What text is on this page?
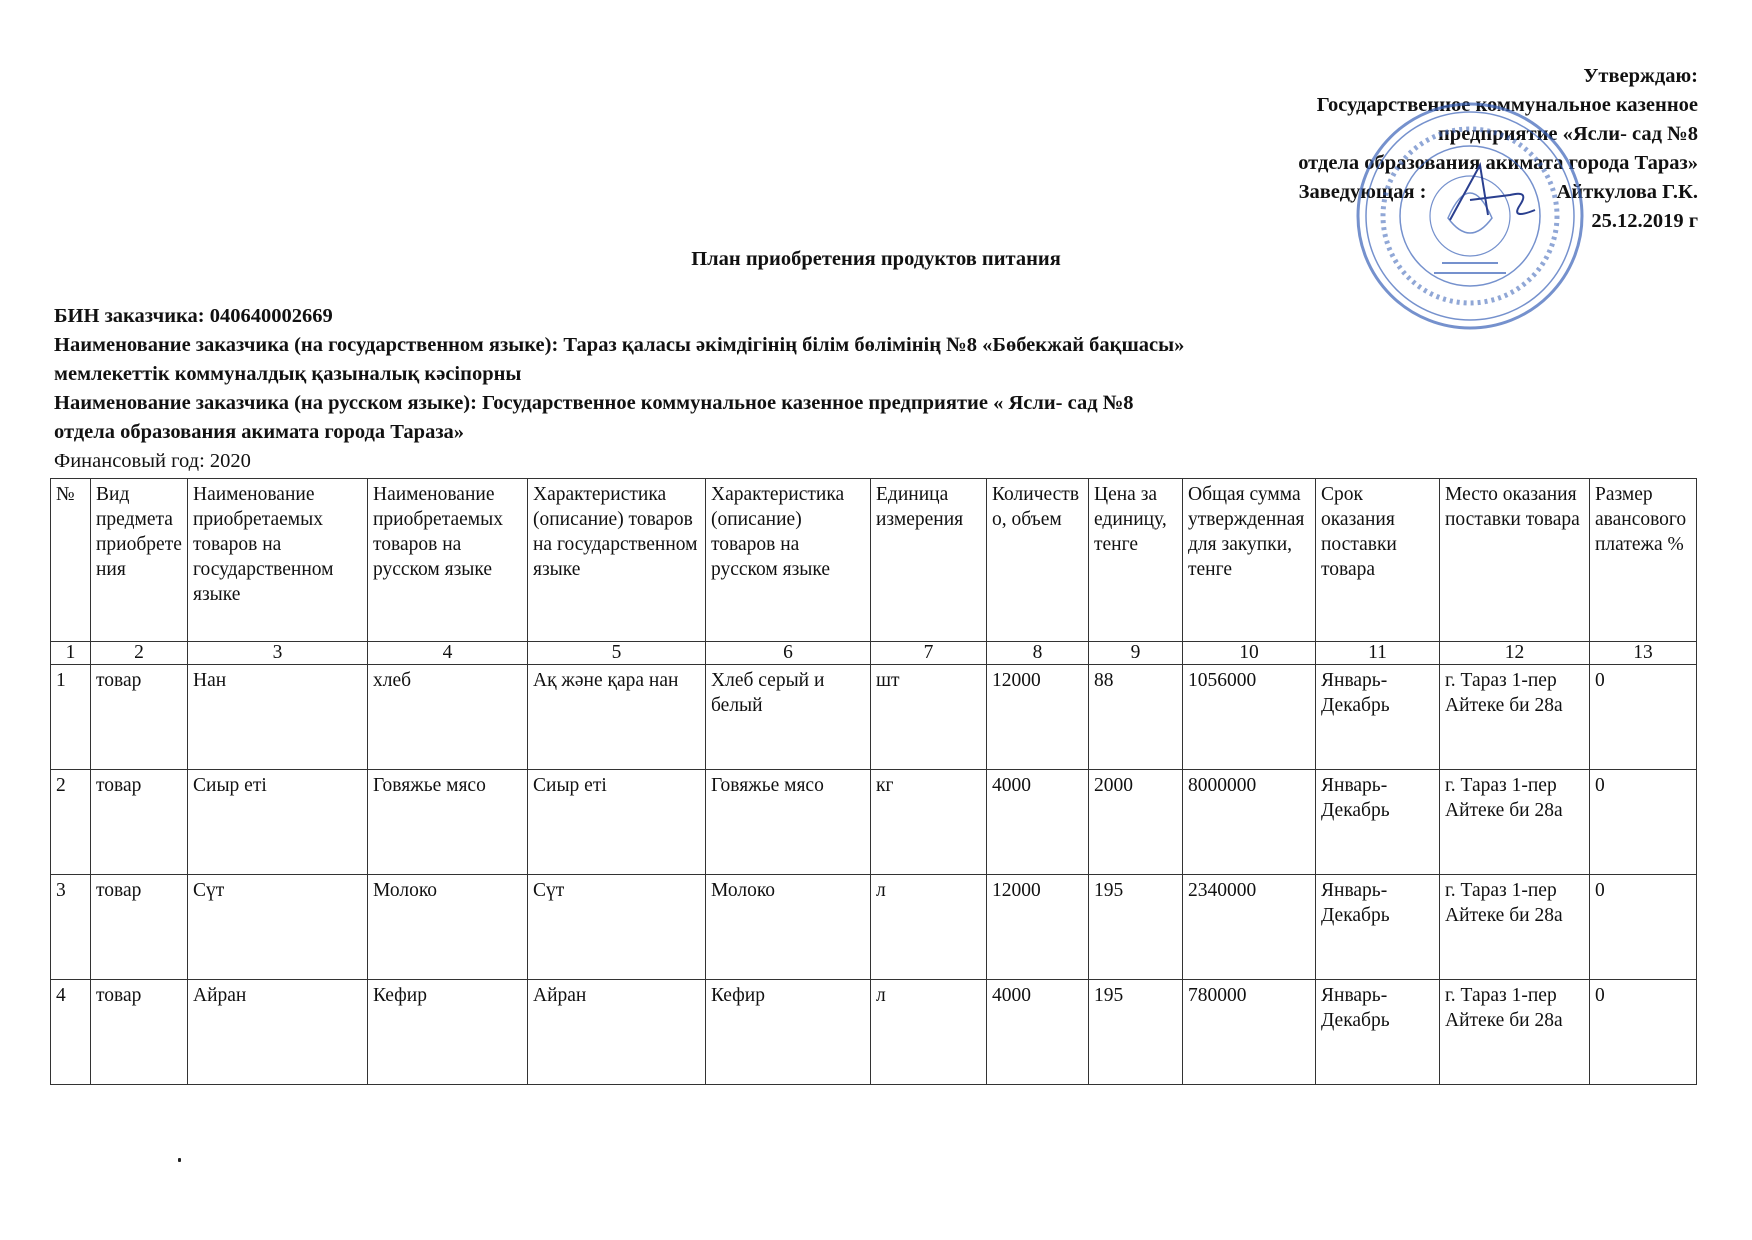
Утверждаю:
Государственное коммунальное казенное
предприятие «Ясли- сад №8
отдела образования акимата города Тараз»
Заведующая :	Айткулова Г.К.
25.12.2019 г
План приобретения продуктов питания
БИН заказчика: 040640002669
Наименование заказчика (на государственном языке): Тараз қаласы әкімдігінің білім бөлімінің №8 «Бөбекжай бақшасы»
мемлекеттік коммуналдық қазыналық кәсіпорны
Наименование заказчика (на русском языке): Государственное коммунальное казенное предприятие « Ясли- сад №8
отдела образования акимата города Тараза»
Финансовый год: 2020
№	Вид предмета приобретения	Наименование приобретаемых товаров на государственном языке	Наименование приобретаемых товаров на русском языке	Характеристика (описание) товаров на государственном языке	Характеристика (описание) товаров на русском языке	Единица измерения	Количество, объем	Цена за единицу, тенге	Общая сумма утвержденная для закупки, тенге	Срок оказания поставки товара	Место оказания поставки товара	Размер авансового платежа %
1	2	3	4	5	6	7	8	9	10	11	12	13
1	товар	Нан	хлеб	Ақ және қара нан	Хлеб серый и белый	шт	12000	88	1056000	Январь-Декабрь	г. Тараз 1-пер Айтеке би 28а	0
2	товар	Сиыр еті	Говяжье мясо	Сиыр еті	Говяжье мясо	кг	4000	2000	8000000	Январь-Декабрь	г. Тараз 1-пер Айтеке би 28а	0
3	товар	Сүт	Молоко	Сүт	Молоко	л	12000	195	2340000	Январь-Декабрь	г. Тараз 1-пер Айтеке би 28а	0
4	товар	Айран	Кефир	Айран	Кефир	л	4000	195	780000	Январь-Декабрь	г. Тараз 1-пер Айтеке би 28а	0
